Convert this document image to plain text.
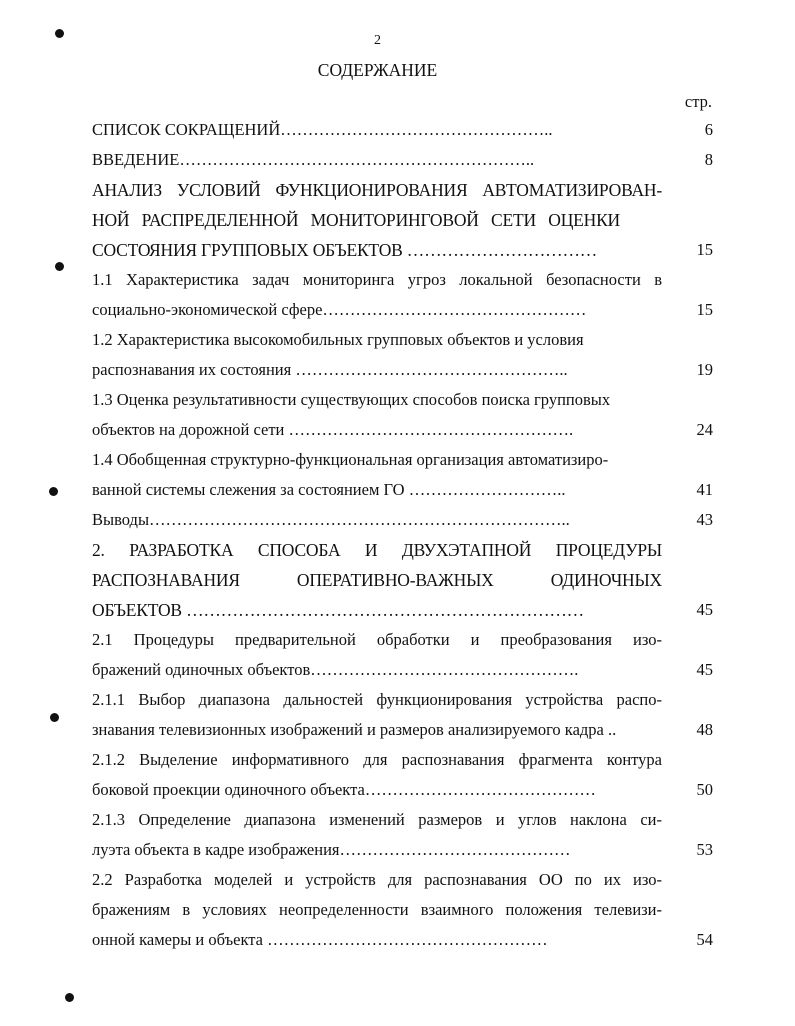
2
СОДЕРЖАНИЕ
стр.
СПИСОК СОКРАЩЕНИЙ…………………………………………..	6
ВВЕДЕНИЕ………………………………………………………..	8
АНАЛИЗ УСЛОВИЙ ФУНКЦИОНИРОВАНИЯ АВТОМАТИЗИРОВАН-
НОЙ РАСПРЕДЕЛЕННОЙ МОНИТОРИНГОВОЙ СЕТИ ОЦЕНКИ
СОСТОЯНИЯ ГРУППОВЫХ ОБЪЕКТОВ ……………………………	15
1.1 Характеристика задач мониторинга угроз локальной безопасности в
социально-экономической сфере…………………………………………	15
1.2 Характеристика высокомобильных групповых объектов и условия
распознавания их состояния …………………………………………..	19
1.3 Оценка результативности существующих способов поиска групповых
объектов на дорожной сети …………………………………………….	24
1.4 Обобщенная структурно-функциональная организация автоматизиро-
ванной системы слежения за состоянием ГО ………………………..	41
Выводы…………………………………………………………………..	43
2. РАЗРАБОТКА СПОСОБА И ДВУХЭТАПНОЙ ПРОЦЕДУРЫ
РАСПОЗНАВАНИЯ ОПЕРАТИВНО-ВАЖНЫХ ОДИНОЧНЫХ
ОБЪЕКТОВ ……………………………………………………………	45
2.1 Процедуры предварительной обработки и преобразования изо-
бражений одиночных объектов………………………………………….	45
2.1.1 Выбор диапазона дальностей функционирования устройства распо-
знавания телевизионных изображений и размеров анализируемого кадра ..	48
2.1.2 Выделение информативного для распознавания фрагмента контура
боковой проекции одиночного объекта……………………………………	50
2.1.3 Определение диапазона изменений размеров и углов наклона си-
луэта объекта в кадре изображения……………………………………	53
2.2 Разработка моделей и устройств для распознавания ОО по их изо-
бражениям в условиях неопределенности взаимного положения телевизи-
онной камеры и объекта ……………………………………………	54
